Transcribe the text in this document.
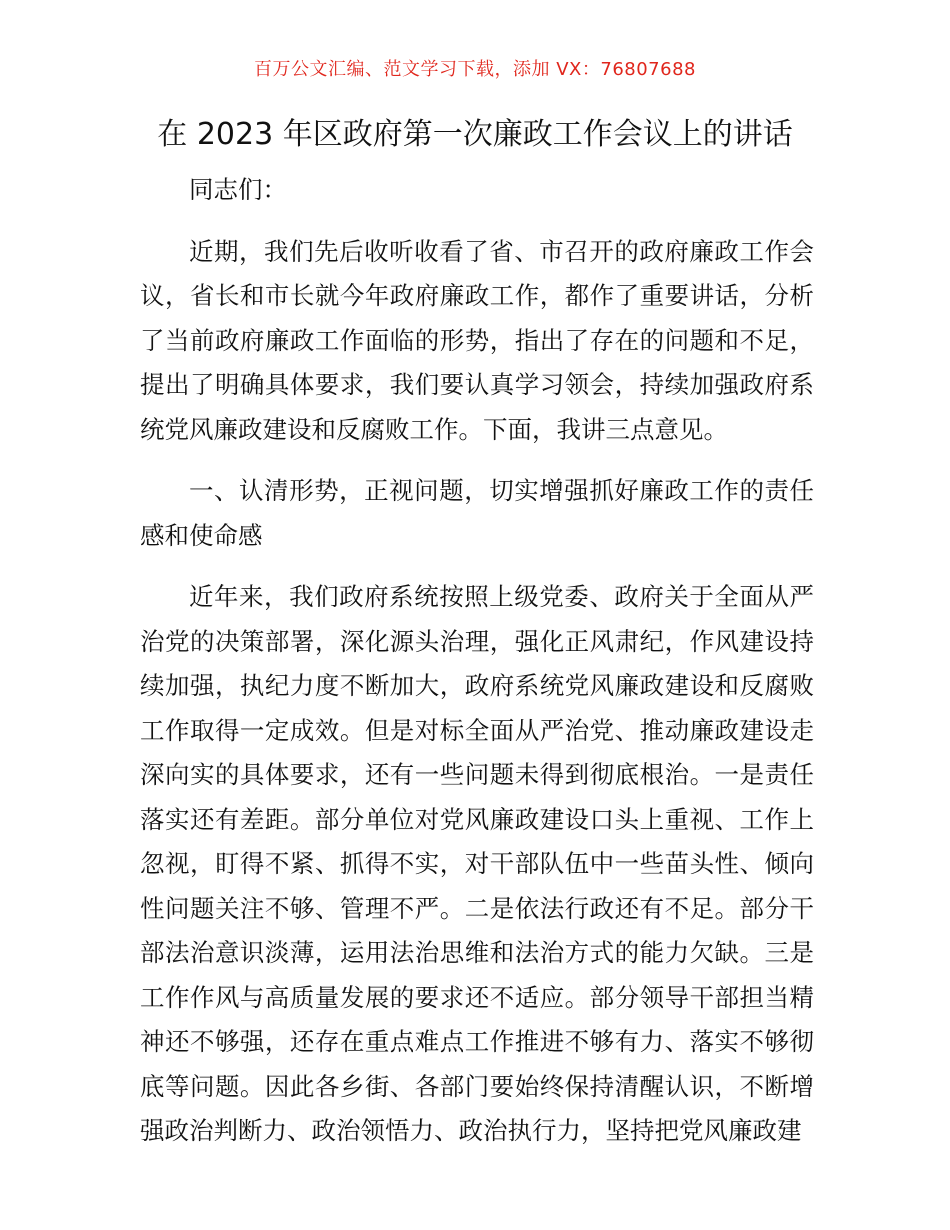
百万公文汇编、范文学习下载，添加 VX：76807688
在 2023 年区政府第一次廉政工作会议上的讲话

同志们：

近期，我们先后收听收看了省、市召开的政府廉政工作会议，省长和市长就今年政府廉政工作，都作了重要讲话，分析了当前政府廉政工作面临的形势，指出了存在的问题和不足，提出了明确具体要求，我们要认真学习领会，持续加强政府系统党风廉政建设和反腐败工作。下面，我讲三点意见。

一、认清形势，正视问题，切实增强抓好廉政工作的责任感和使命感

近年来，我们政府系统按照上级党委、政府关于全面从严治党的决策部署，深化源头治理，强化正风肃纪，作风建设持续加强，执纪力度不断加大，政府系统党风廉政建设和反腐败工作取得一定成效。但是对标全面从严治党、推动廉政建设走深向实的具体要求，还有一些问题未得到彻底根治。一是责任落实还有差距。部分单位对党风廉政建设口头上重视、工作上忽视，盯得不紧、抓得不实，对干部队伍中一些苗头性、倾向性问题关注不够、管理不严。二是依法行政还有不足。部分干部法治意识淡薄，运用法治思维和法治方式的能力欠缺。三是工作作风与高质量发展的要求还不适应。部分领导干部担当精神还不够强，还存在重点难点工作推进不够有力、落实不够彻底等问题。因此各乡街、各部门要始终保持清醒认识，不断增强政治判断力、政治领悟力、政治执行力，坚持把党风廉政建
